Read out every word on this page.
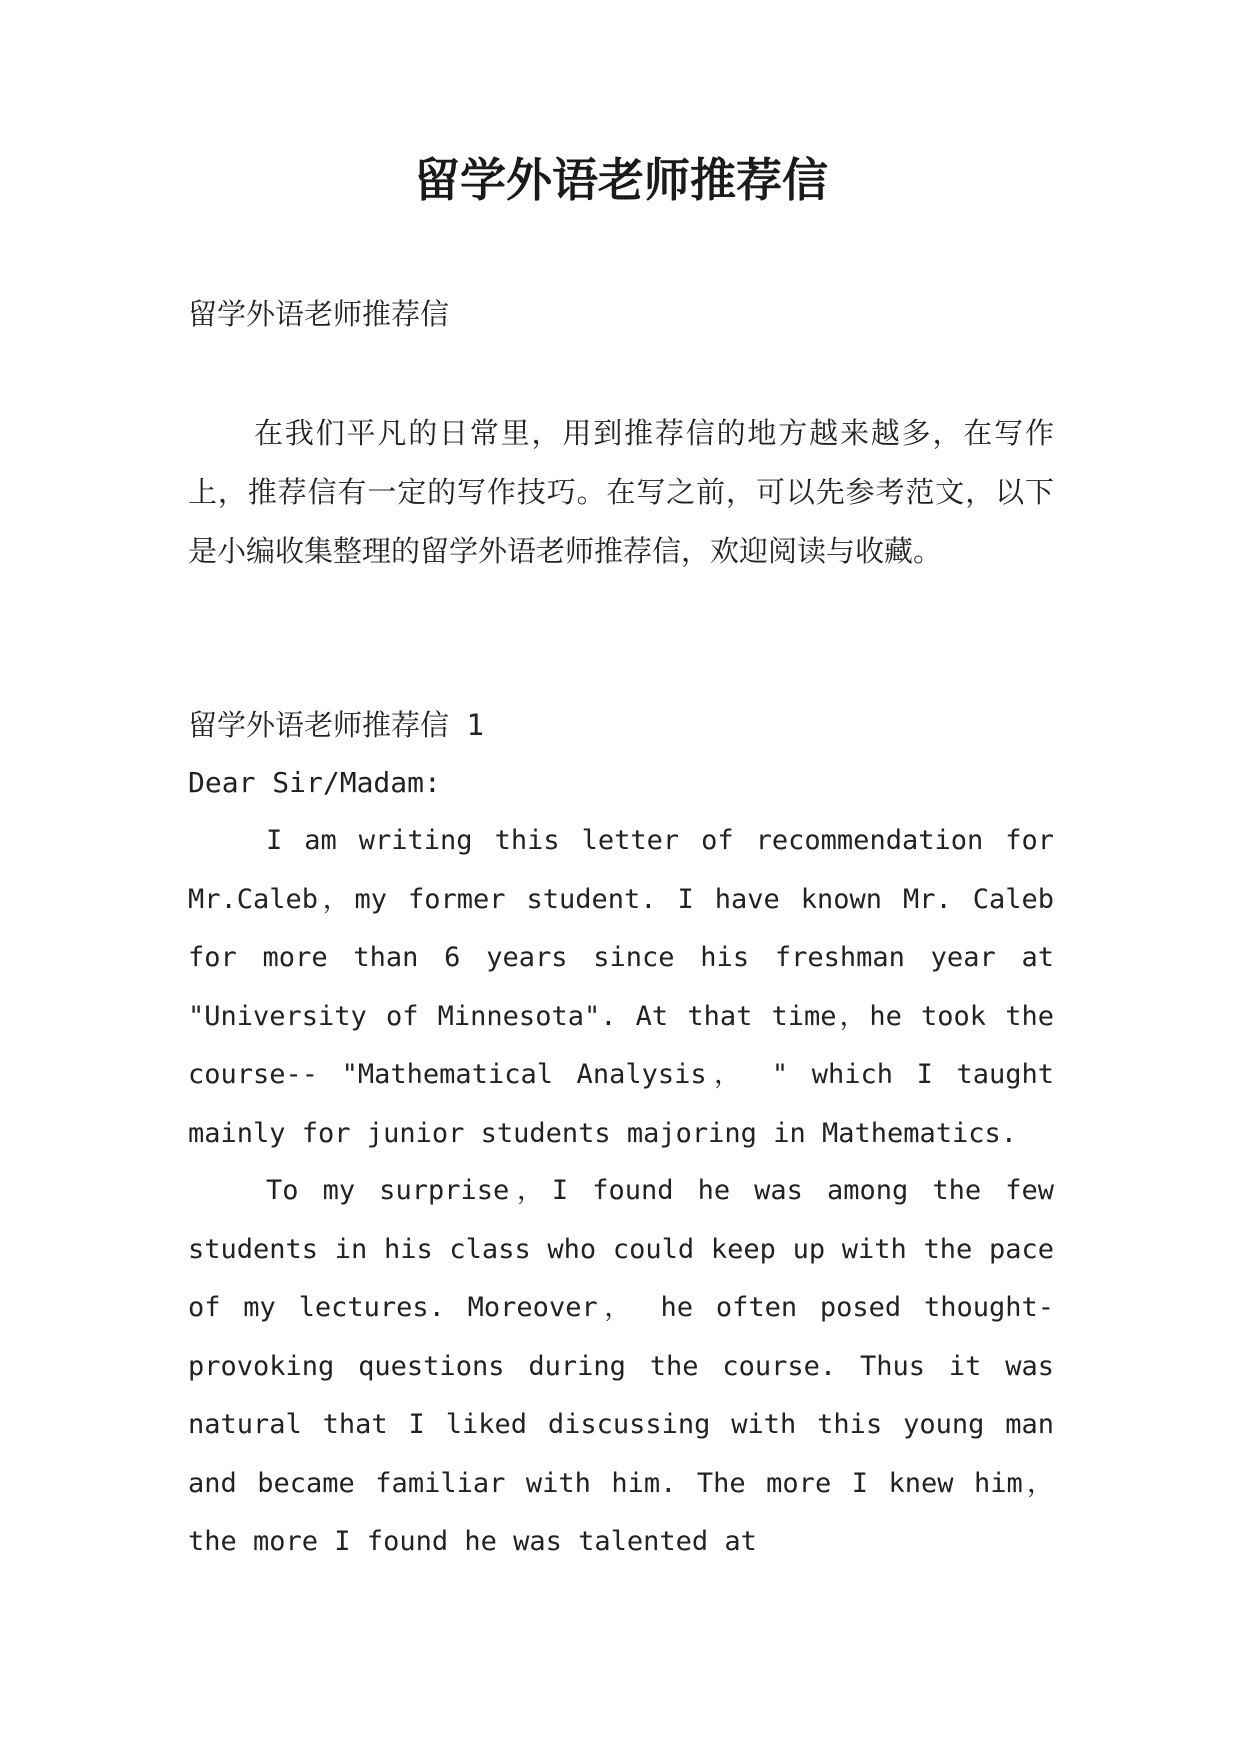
留学外语老师推荐信

留学外语老师推荐信

在我们平凡的日常里，用到推荐信的地方越来越多，在写作上，推荐信有一定的写作技巧。在写之前，可以先参考范文，以下是小编收集整理的留学外语老师推荐信，欢迎阅读与收藏。

留学外语老师推荐信 1

Dear Sir/Madam:

I am writing this letter of recommendation for Mr.Caleb，my former student. I have known Mr. Caleb for more than 6 years since his freshman year at "University of Minnesota". At that time，he took the course-- "Mathematical Analysis， " which I taught mainly for junior students majoring in Mathematics.

To my surprise，I found he was among the few students in his class who could keep up with the pace of my lectures. Moreover， he often posed thought-provoking questions during the course. Thus it was natural that I liked discussing with this young man and became familiar with him. The more I knew him， the more I found he was talented at
